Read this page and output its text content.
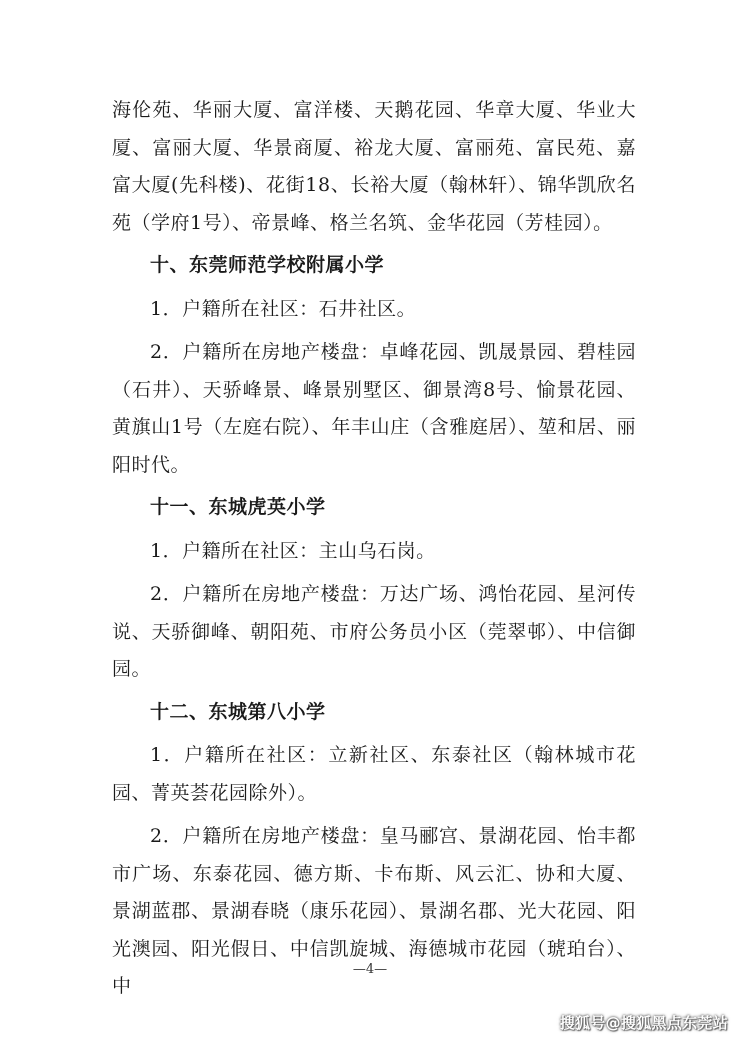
海伦苑、华丽大厦、富洋楼、天鹅花园、华章大厦、华业大厦、富丽大厦、华景商厦、裕龙大厦、富丽苑、富民苑、嘉富大厦(先科楼)、花街18、长裕大厦（翰林轩）、锦华凯欣名苑（学府1号）、帝景峰、格兰名筑、金华花园（芳桂园）。

十、东莞师范学校附属小学

1．户籍所在社区：石井社区。

2．户籍所在房地产楼盘：卓峰花园、凯晟景园、碧桂园（石井）、天骄峰景、峰景别墅区、御景湾8号、愉景花园、黄旗山1号（左庭右院）、年丰山庄（含雅庭居）、堃和居、丽阳时代。

十一、东城虎英小学

1．户籍所在社区：主山乌石岗。

2．户籍所在房地产楼盘：万达广场、鸿怡花园、星河传说、天骄御峰、朝阳苑、市府公务员小区（莞翠邨）、中信御园。

十二、东城第八小学

1．户籍所在社区：立新社区、东泰社区（翰林城市花园、菁英荟花园除外）。

2．户籍所在房地产楼盘：皇马郦宫、景湖花园、怡丰都市广场、东泰花园、德方斯、卡布斯、风云汇、协和大厦、景湖蓝郡、景湖春晓（康乐花园）、景湖名郡、光大花园、阳光澳园、阳光假日、中信凯旋城、海德城市花园（琥珀台）、中

—4—
搜狐号@搜狐黑点东莞站
